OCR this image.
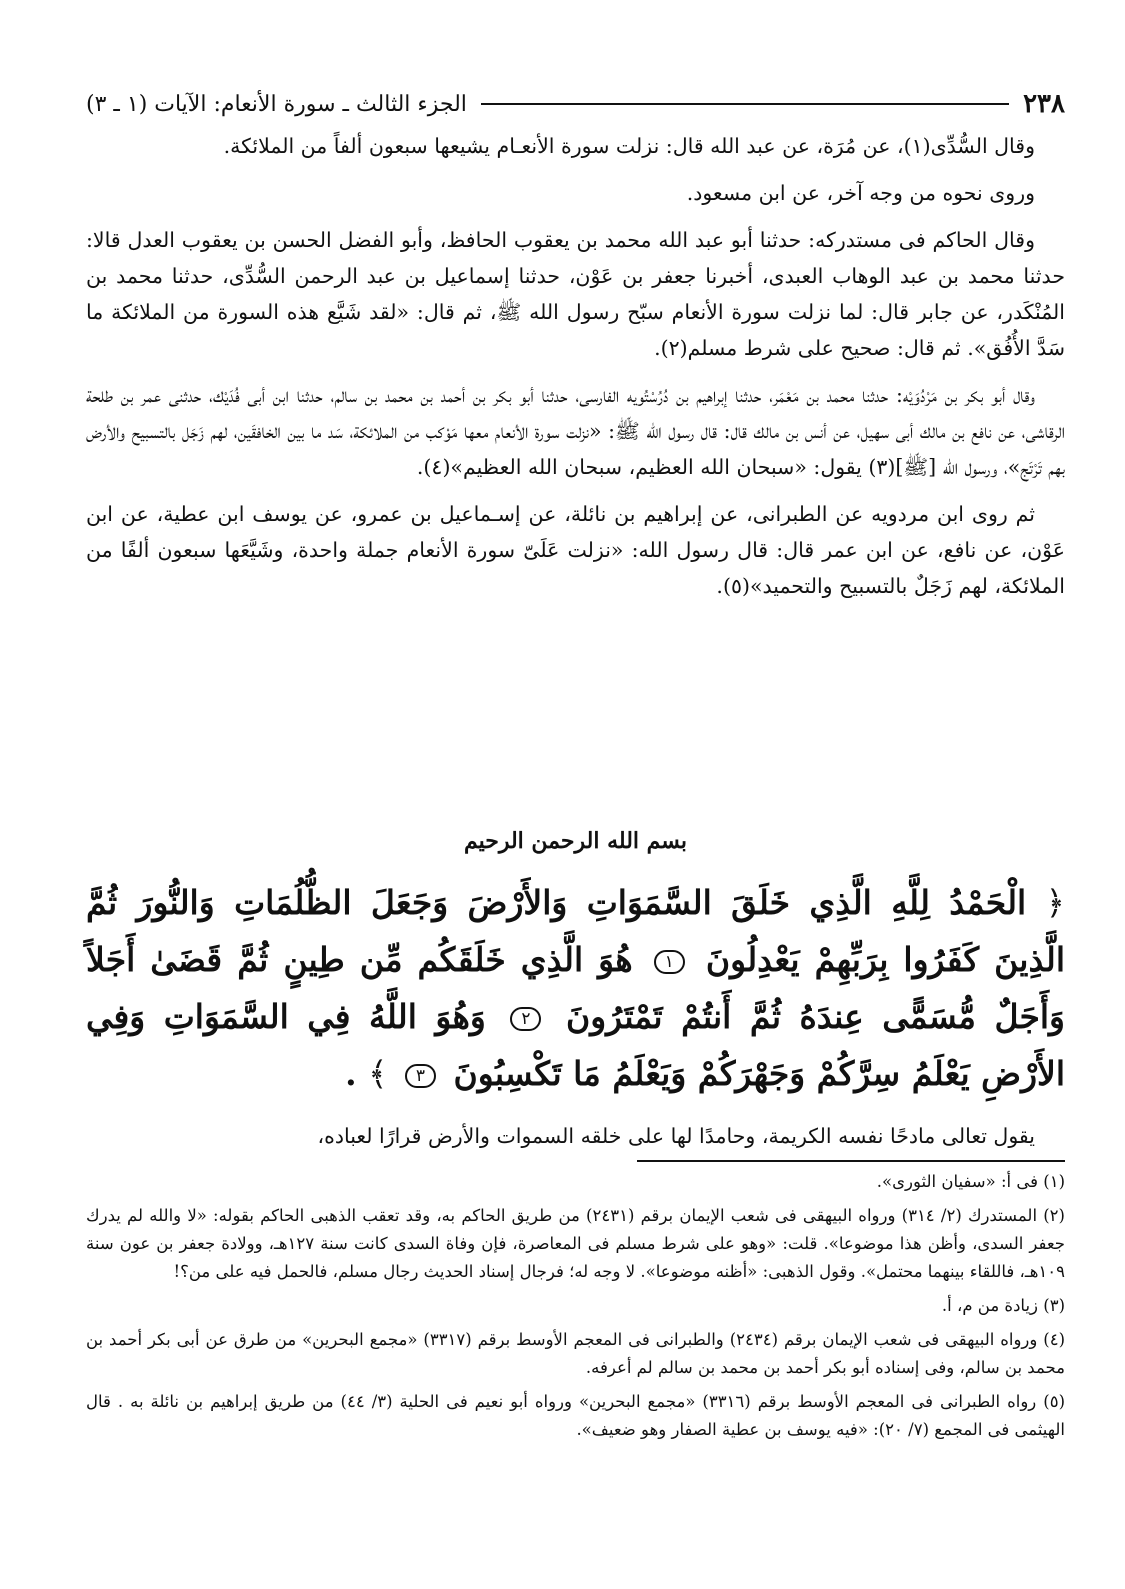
٢٣٨
الجزء الثالث ـ سورة الأنعام: الآيات (١ ـ ٣)

وقال السُّدِّى(١)، عن مُرَة، عن عبد الله قال: نزلت سورة الأنعـام يشيعها سبعون ألفاً من الملائكة.

وروى نحوه من وجه آخر، عن ابن مسعود.

وقال الحاكم فى مستدركه: حدثنا أبو عبد الله محمد بن يعقوب الحافظ، وأبو الفضل الحسن بن يعقوب العدل قالا: حدثنا محمد بن عبد الوهاب العبدى، أخبرنا جعفر بن عَوْن، حدثنا إسماعيل بن عبد الرحمن السُّدِّى، حدثنا محمد بن المُنْكَدر، عن جابر قال: لما نزلت سورة الأنعام سبّح رسول الله ﷺ، ثم قال: «لقد شَيَّع هذه السورة من الملائكة ما سَدَّ الأُفُق». ثم قال: صحيح على شرط مسلم(٢).

وقال أبو بكر بن مَرْدُوَيْه: حدثنا محمد بن مَعْمَر، حدثنا إبراهيم بن دُرُسْتُويه الفارسى، حدثنا أبو بكر بن أحمد بن محمد بن سالم، حدثنا ابن أبى فُدَيْك، حدثنى عمر بن طلحة الرقاشى، عن نافع بن مالك أبى سهيل، عن أنس بن مالك قال: قال رسول الله ﷺ: «نزلت سورة الأنعام معها مَوْكب من الملائكة، سَد ما بين الخافقَين، لهم زَجَل بالتسبيح والأرض بهم تَرْتَج»، ورسول الله [ﷺ](٣) يقول: «سبحان الله العظيم، سبحان الله العظيم»(٤).

ثم روى ابن مردويه عن الطبرانى، عن إبراهيم بن نائلة، عن إسـماعيل بن عمرو، عن يوسف ابن عطية، عن ابن عَوْن، عن نافع، عن ابن عمر قال: قال رسول الله: «نزلت عَلَىّ سورة الأنعام جملة واحدة، وشَيَّعَها سبعون ألفًا من الملائكة، لهم زَجَلٌ بالتسبيح والتحميد»(٥).

بسم الله الرحمن الرحيم
﴿ الْحَمْدُ لِلَّهِ الَّذِي خَلَقَ السَّمَوَاتِ وَالأَرْضَ وَجَعَلَ الظُّلُمَاتِ وَالنُّورَ ثُمَّ الَّذِينَ كَفَرُوا بِرَبِّهِمْ يَعْدِلُونَ ١ هُوَ الَّذِي خَلَقَكُم مِّن طِينٍ ثُمَّ قَضَىٰ أَجَلاً وَأَجَلٌ مُّسَمًّى عِندَهُ ثُمَّ أَنتُمْ تَمْتَرُونَ ٢ وَهُوَ اللَّهُ فِي السَّمَوَاتِ وَفِي الأَرْضِ يَعْلَمُ سِرَّكُمْ وَجَهْرَكُمْ وَيَعْلَمُ مَا تَكْسِبُونَ ٣ ﴾ .
يقول تعالى مادحًا نفسه الكريمة، وحامدًا لها على خلقه السموات والأرض قرارًا لعباده،
(١) فى أ: «سفيان الثورى».
(٢) المستدرك (٢/ ٣١٤) ورواه البيهقى فى شعب الإيمان برقم (٢٤٣١) من طريق الحاكم به، وقد تعقب الذهبى الحاكم بقوله: «لا والله لم يدرك جعفر السدى، وأظن هذا موضوعا». قلت: «وهو على شرط مسلم فى المعاصرة، فإن وفاة السدى كانت سنة ١٢٧هـ، وولادة جعفر بن عون سنة ١٠٩هـ، فاللقاء بينهما محتمل». وقول الذهبى: «أظنه موضوعا». لا وجه له؛ فرجال إسناد الحديث رجال مسلم، فالحمل فيه على من؟!
(٣) زيادة من م، أ.
(٤) ورواه البيهقى فى شعب الإيمان برقم (٢٤٣٤) والطبرانى فى المعجم الأوسط برقم (٣٣١٧) «مجمع البحرين» من طرق عن أبى بكر أحمد بن محمد بن سالم، وفى إسناده أبو بكر أحمد بن محمد بن سالم لم أعرفه.
(٥) رواه الطبرانى فى المعجم الأوسط برقم (٣٣١٦) «مجمع البحرين» ورواه أبو نعيم فى الحلية (٣/ ٤٤) من طريق إبراهيم بن نائلة به . قال الهيثمى فى المجمع (٧/ ٢٠): «فيه يوسف بن عطية الصفار وهو ضعيف».
